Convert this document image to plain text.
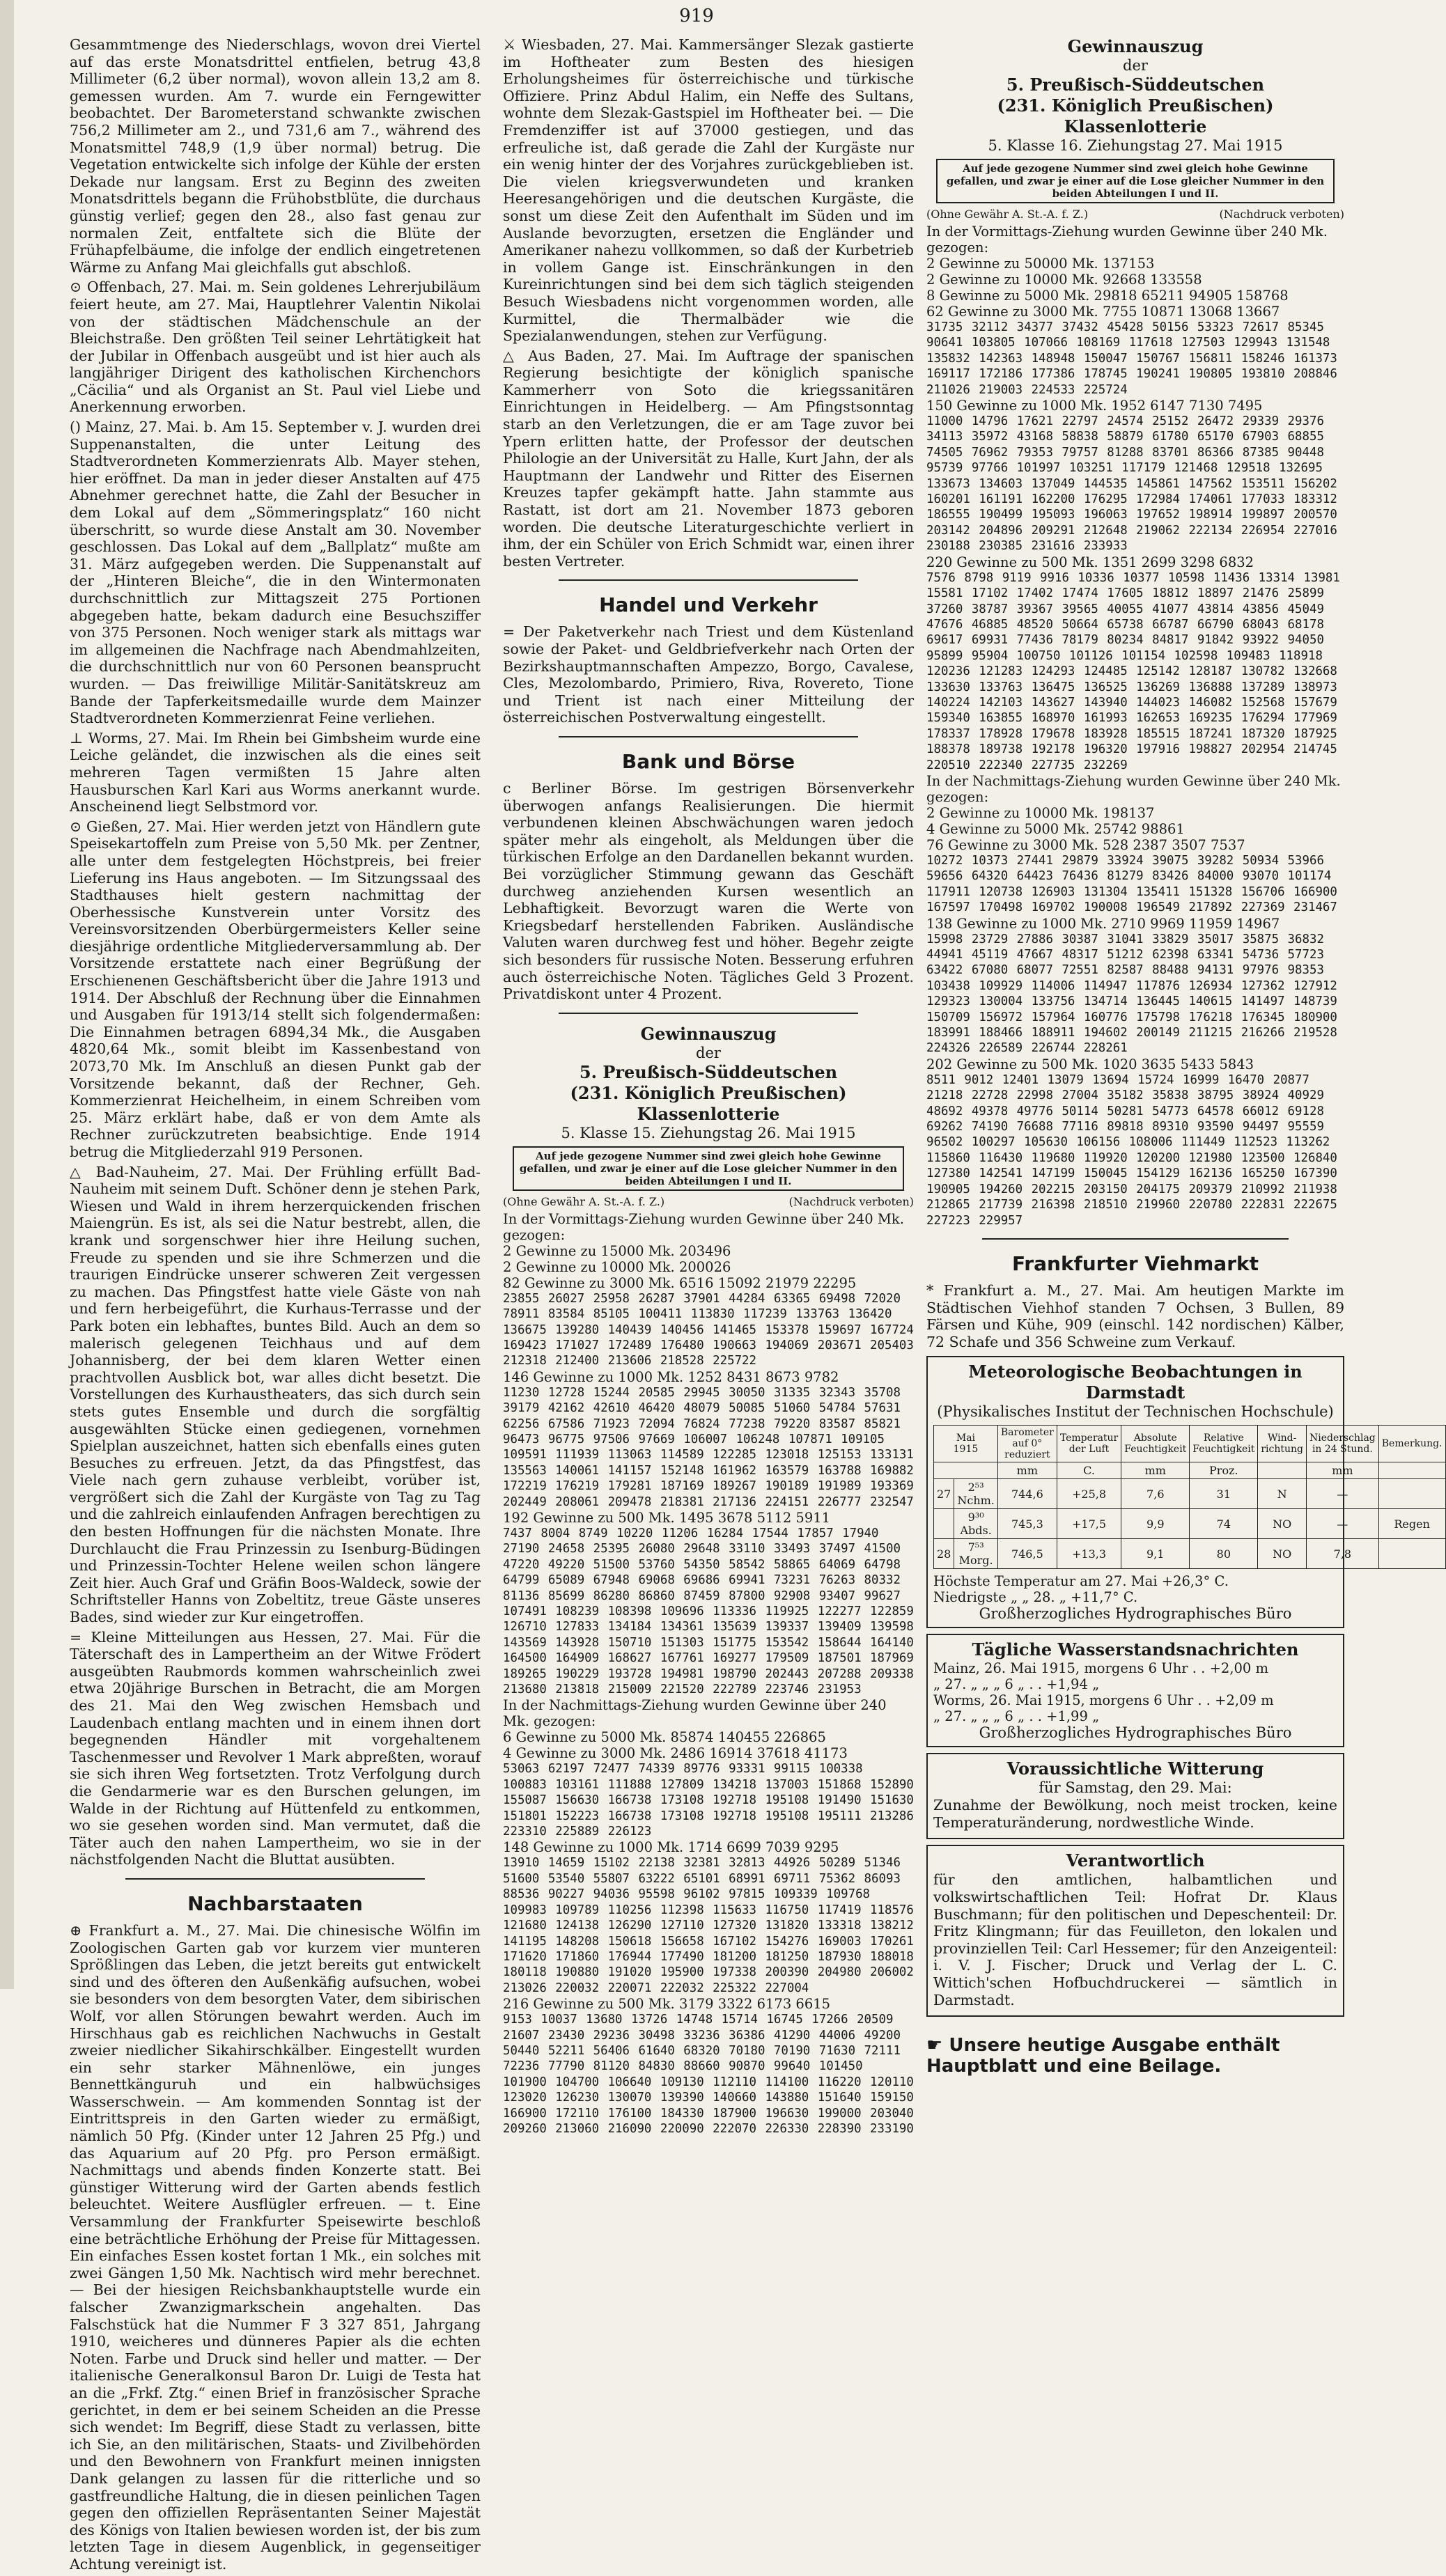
919

Gesammtmenge des Niederschlags, wovon drei Viertel auf das erste Monatsdrittel entfielen, betrug 43,8 Millimeter (6,2 über normal), wovon allein 13,2 am 8. gemessen wurden. Am 7. wurde ein Ferngewitter beobachtet. Der Barometerstand schwankte zwischen 756,2 Millimeter am 2., und 731,6 am 7., während des Monatsmittel 748,9 (1,9 über normal) betrug. Die Vegetation entwickelte sich infolge der Kühle der ersten Dekade nur langsam. Erst zu Beginn des zweiten Monatsdrittels begann die Frühobstblüte, die durchaus günstig verlief; gegen den 28., also fast genau zur normalen Zeit, entfaltete sich die Blüte der Frühapfelbäume, die infolge der endlich eingetretenen Wärme zu Anfang Mai gleichfalls gut abschloß.

⊙ Offenbach, 27. Mai. m. Sein goldenes Lehrerjubiläum feiert heute, am 27. Mai, Hauptlehrer Valentin Nikolai von der städtischen Mädchenschule an der Bleichstraße. Den größten Teil seiner Lehrtätigkeit hat der Jubilar in Offenbach ausgeübt und ist hier auch als langjähriger Dirigent des katholischen Kirchenchors „Cäcilia“ und als Organist an St. Paul viel Liebe und Anerkennung erworben.

() Mainz, 27. Mai. b. Am 15. September v. J. wurden drei Suppenanstalten, die unter Leitung des Stadtverordneten Kommerzienrats Alb. Mayer stehen, hier eröffnet. Da man in jeder dieser Anstalten auf 475 Abnehmer gerechnet hatte, die Zahl der Besucher in dem Lokal auf dem „Sömmeringsplatz“ 160 nicht überschritt, so wurde diese Anstalt am 30. November geschlossen. Das Lokal auf dem „Ballplatz“ mußte am 31. März aufgegeben werden. Die Suppenanstalt auf der „Hinteren Bleiche“, die in den Wintermonaten durchschnittlich zur Mittagszeit 275 Portionen abgegeben hatte, bekam dadurch eine Besuchsziffer von 375 Personen. Noch weniger stark als mittags war im allgemeinen die Nachfrage nach Abendmahlzeiten, die durchschnittlich nur von 60 Personen beansprucht wurden. — Das freiwillige Militär-Sanitätskreuz am Bande der Tapferkeitsmedaille wurde dem Mainzer Stadtverordneten Kommerzienrat Feine verliehen.

⊥ Worms, 27. Mai. Im Rhein bei Gimbsheim wurde eine Leiche geländet, die inzwischen als die eines seit mehreren Tagen vermißten 15 Jahre alten Hausburschen Karl Kari aus Worms anerkannt wurde. Anscheinend liegt Selbstmord vor.

⊙ Gießen, 27. Mai. Hier werden jetzt von Händlern gute Speisekartoffeln zum Preise von 5,50 Mk. per Zentner, alle unter dem festgelegten Höchstpreis, bei freier Lieferung ins Haus angeboten. — Im Sitzungssaal des Stadthauses hielt gestern nachmittag der Oberhessische Kunstverein unter Vorsitz des Vereinsvorsitzenden Oberbürgermeisters Keller seine diesjährige ordentliche Mitgliederversammlung ab. Der Vorsitzende erstattete nach einer Begrüßung der Erschienenen Geschäftsbericht über die Jahre 1913 und 1914. Der Abschluß der Rechnung über die Einnahmen und Ausgaben für 1913/14 stellt sich folgendermaßen: Die Einnahmen betragen 6894,34 Mk., die Ausgaben 4820,64 Mk., somit bleibt im Kassenbestand von 2073,70 Mk. Im Anschluß an diesen Punkt gab der Vorsitzende bekannt, daß der Rechner, Geh. Kommerzienrat Heichelheim, in einem Schreiben vom 25. März erklärt habe, daß er von dem Amte als Rechner zurückzutreten beabsichtige. Ende 1914 betrug die Mitgliederzahl 919 Personen.

△ Bad-Nauheim, 27. Mai. Der Frühling erfüllt Bad-Nauheim mit seinem Duft. Schöner denn je stehen Park, Wiesen und Wald in ihrem herzerquickenden frischen Maiengrün. Es ist, als sei die Natur bestrebt, allen, die krank und sorgenschwer hier ihre Heilung suchen, Freude zu spenden und sie ihre Schmerzen und die traurigen Eindrücke unserer schweren Zeit vergessen zu machen. Das Pfingstfest hatte viele Gäste von nah und fern herbeigeführt, die Kurhaus-Terrasse und der Park boten ein lebhaftes, buntes Bild. Auch an dem so malerisch gelegenen Teichhaus und auf dem Johannisberg, der bei dem klaren Wetter einen prachtvollen Ausblick bot, war alles dicht besetzt. Die Vorstellungen des Kurhaustheaters, das sich durch sein stets gutes Ensemble und durch die sorgfältig ausgewählten Stücke einen gediegenen, vornehmen Spielplan auszeichnet, hatten sich ebenfalls eines guten Besuches zu erfreuen. Jetzt, da das Pfingstfest, das Viele nach gern zuhause verbleibt, vorüber ist, vergrößert sich die Zahl der Kurgäste von Tag zu Tag und die zahlreich einlaufenden Anfragen berechtigen zu den besten Hoffnungen für die nächsten Monate. Ihre Durchlaucht die Frau Prinzessin zu Isenburg-Büdingen und Prinzessin-Tochter Helene weilen schon längere Zeit hier. Auch Graf und Gräfin Boos-Waldeck, sowie der Schriftsteller Hanns von Zobeltitz, treue Gäste unseres Bades, sind wieder zur Kur eingetroffen.

= Kleine Mitteilungen aus Hessen, 27. Mai. Für die Täterschaft des in Lampertheim an der Witwe Frödert ausgeübten Raubmords kommen wahrscheinlich zwei etwa 20jährige Burschen in Betracht, die am Morgen des 21. Mai den Weg zwischen Hemsbach und Laudenbach entlang machten und in einem ihnen dort begegnenden Händler mit vorgehaltenem Taschenmesser und Revolver 1 Mark abpreßten, worauf sie sich ihren Weg fortsetzten. Trotz Verfolgung durch die Gendarmerie war es den Burschen gelungen, im Walde in der Richtung auf Hüttenfeld zu entkommen, wo sie gesehen worden sind. Man vermutet, daß die Täter auch den nahen Lampertheim, wo sie in der nächstfolgenden Nacht die Bluttat ausübten.

Nachbarstaaten

⊕ Frankfurt a. M., 27. Mai. Die chinesische Wölfin im Zoologischen Garten gab vor kurzem vier munteren Sprößlingen das Leben, die jetzt bereits gut entwickelt sind und des öfteren den Außenkäfig aufsuchen, wobei sie besonders von dem besorgten Vater, dem sibirischen Wolf, vor allen Störungen bewahrt werden. Auch im Hirschhaus gab es reichlichen Nachwuchs in Gestalt zweier niedlicher Sikahirschkälber. Eingestellt wurden ein sehr starker Mähnenlöwe, ein junges Bennettkänguruh und ein halbwüchsiges Wasserschwein. — Am kommenden Sonntag ist der Eintrittspreis in den Garten wieder zu ermäßigt, nämlich 50 Pfg. (Kinder unter 12 Jahren 25 Pfg.) und das Aquarium auf 20 Pfg. pro Person ermäßigt. Nachmittags und abends finden Konzerte statt. Bei günstiger Witterung wird der Garten abends festlich beleuchtet. Weitere Ausflügler erfreuen. — t. Eine Versammlung der Frankfurter Speisewirte beschloß eine beträchtliche Erhöhung der Preise für Mittagessen. Ein einfaches Essen kostet fortan 1 Mk., ein solches mit zwei Gängen 1,50 Mk. Nachtisch wird mehr berechnet. — Bei der hiesigen Reichsbankhauptstelle wurde ein falscher Zwanzigmarkschein angehalten. Das Falschstück hat die Nummer F 3 327 851, Jahrgang 1910, weicheres und dünneres Papier als die echten Noten. Farbe und Druck sind heller und matter. — Der italienische Generalkonsul Baron Dr. Luigi de Testa hat an die „Frkf. Ztg.“ einen Brief in französischer Sprache gerichtet, in dem er bei seinem Scheiden an die Presse sich wendet: Im Begriff, diese Stadt zu verlassen, bitte ich Sie, an den militärischen, Staats- und Zivilbehörden und den Bewohnern von Frankfurt meinen innigsten Dank gelangen zu lassen für die ritterliche und so gastfreundliche Haltung, die in diesen peinlichen Tagen gegen den offiziellen Repräsentanten Seiner Majestät des Königs von Italien bewiesen worden ist, der bis zum letzten Tage in diesem Augenblick, in gegenseitiger Achtung vereinigt ist.

⚔ Wiesbaden, 27. Mai. Kammersänger Slezak gastierte im Hoftheater zum Besten des hiesigen Erholungsheimes für österreichische und türkische Offiziere. Prinz Abdul Halim, ein Neffe des Sultans, wohnte dem Slezak-Gastspiel im Hoftheater bei. — Die Fremdenziffer ist auf 37000 gestiegen, und das erfreuliche ist, daß gerade die Zahl der Kurgäste nur ein wenig hinter der des Vorjahres zurückgeblieben ist. Die vielen kriegsverwundeten und kranken Heeresangehörigen und die deutschen Kurgäste, die sonst um diese Zeit den Aufenthalt im Süden und im Auslande bevorzugten, ersetzen die Engländer und Amerikaner nahezu vollkommen, so daß der Kurbetrieb in vollem Gange ist. Einschränkungen in den Kureinrichtungen sind bei dem sich täglich steigenden Besuch Wiesbadens nicht vorgenommen worden, alle Kurmittel, die Thermalbäder wie die Spezialanwendungen, stehen zur Verfügung.

△ Aus Baden, 27. Mai. Im Auftrage der spanischen Regierung besichtigte der königlich spanische Kammerherr von Soto die kriegssanitären Einrichtungen in Heidelberg. — Am Pfingstsonntag starb an den Verletzungen, die er am Tage zuvor bei Ypern erlitten hatte, der Professor der deutschen Philologie an der Universität zu Halle, Kurt Jahn, der als Hauptmann der Landwehr und Ritter des Eisernen Kreuzes tapfer gekämpft hatte. Jahn stammte aus Rastatt, ist dort am 21. November 1873 geboren worden. Die deutsche Literaturgeschichte verliert in ihm, der ein Schüler von Erich Schmidt war, einen ihrer besten Vertreter.

Handel und Verkehr

= Der Paketverkehr nach Triest und dem Küstenland sowie der Paket- und Geldbriefverkehr nach Orten der Bezirkshauptmannschaften Ampezzo, Borgo, Cavalese, Cles, Mezolombardo, Primiero, Riva, Rovereto, Tione und Trient ist nach einer Mitteilung der österreichischen Postverwaltung eingestellt.

Bank und Börse

c Berliner Börse. Im gestrigen Börsenverkehr überwogen anfangs Realisierungen. Die hiermit verbundenen kleinen Abschwächungen waren jedoch später mehr als eingeholt, als Meldungen über die türkischen Erfolge an den Dardanellen bekannt wurden. Bei vorzüglicher Stimmung gewann das Geschäft durchweg anziehenden Kursen wesentlich an Lebhaftigkeit. Bevorzugt waren die Werte von Kriegsbedarf herstellenden Fabriken. Ausländische Valuten waren durchweg fest und höher. Begehr zeigte sich besonders für russische Noten. Besserung erfuhren auch österreichische Noten. Tägliches Geld 3 Prozent. Privatdiskont unter 4 Prozent.

Gewinnauszug

der

5. Preußisch-Süddeutschen

(231. Königlich Preußischen) Klassenlotterie

5. Klasse 15. Ziehungstag 26. Mai 1915

Auf jede gezogene Nummer sind zwei gleich hohe Gewinne gefallen, und zwar je einer auf die Lose gleicher Nummer in den beiden Abteilungen I und II.
(Ohne Gewähr A. St.-A. f. Z.)	(Nachdruck verboten)

In der Vormittags-Ziehung wurden Gewinne über 240 Mk. gezogen:

2 Gewinne zu 15000 Mk. 203496

2 Gewinne zu 10000 Mk. 200026

82 Gewinne zu 3000 Mk. 6516 15092 21979 22295

23855 26027 25958 26287 37901 44284 63365 69498 72020 78911 83584 85105 100411 113830 117239 133763 136420 136675 139280 140439 140456 141465 153378 159697 167724 169423 171027 172489 176480 190663 194069 203671 205403 212318 212400 213606 218528 225722

146 Gewinne zu 1000 Mk. 1252 8431 8673 9782

11230 12728 15244 20585 29945 30050 31335 32343 35708 39179 42162 42610 46420 48079 50085 51060 54784 57631 62256 67586 71923 72094 76824 77238 79220 83587 85821 96473 96775 97506 97669 106007 106248 107871 109105 109591 111939 113063 114589 122285 123018 125153 133131 135563 140061 141157 152148 161962 163579 163788 169882 172219 176219 179281 187169 189267 190189 191989 193369 202449 208061 209478 218381 217136 224151 226777 232547

192 Gewinne zu 500 Mk. 1495 3678 5112 5911

7437 8004 8749 10220 11206 16284 17544 17857 17940 27190 24658 25395 26080 29648 33110 33493 37497 41500 47220 49220 51500 53760 54350 58542 58865 64069 64798 64799 65089 67948 69068 69686 69941 73231 76263 80332 81136 85699 86280 86860 87459 87800 92908 93407 99627 107491 108239 108398 109696 113336 119925 122277 122859 126710 127833 134184 134361 135639 139337 139409 139598 143569 143928 150710 151303 151775 153542 158644 164140 164500 164909 168627 167761 169277 179509 187501 187969 189265 190229 193728 194981 198790 202443 207288 209338 213680 213818 215009 221520 222789 223746 231953

In der Nachmittags-Ziehung wurden Gewinne über 240 Mk. gezogen:

6 Gewinne zu 5000 Mk. 85874 140455 226865

4 Gewinne zu 3000 Mk. 2486 16914 37618 41173

53063 62197 72477 74339 89776 93331 99115 100338 100883 103161 111888 127809 134218 137003 151868 152890 155087 156630 166738 173108 192718 195108 191490 151630 151801 152223 166738 173108 192718 195108 195111 213286 223310 225889 226123

148 Gewinne zu 1000 Mk. 1714 6699 7039 9295

13910 14659 15102 22138 32381 32813 44926 50289 51346 51600 53540 55807 63222 65101 68991 69711 75362 86093 88536 90227 94036 95598 96102 97815 109339 109768 109983 109789 110256 112398 115633 116750 117419 118576 121680 124138 126290 127110 127320 131820 133318 138212 141195 148208 150618 156658 167102 154276 169003 170261 171620 171860 176944 177490 181200 181250 187930 188018 180118 190880 191020 195900 197338 200390 204980 206002 213026 220032 220071 222032 225322 227004

216 Gewinne zu 500 Mk. 3179 3322 6173 6615

9153 10037 13680 13726 14748 15714 16745 17266 20509 21607 23430 29236 30498 33236 36386 41290 44006 49200 50440 52211 56406 61640 68320 70180 70190 71630 72111 72236 77790 81120 84830 88660 90870 99640 101450 101900 104700 106640 109130 112110 114100 116220 120110 123020 126230 130070 139390 140660 143880 151640 159150 166900 172110 176100 184330 187900 196630 199000 203040 209260 213060 216090 220090 222070 226330 228390 233190

Gewinnauszug

der

5. Preußisch-Süddeutschen

(231. Königlich Preußischen) Klassenlotterie

5. Klasse 16. Ziehungstag 27. Mai 1915

Auf jede gezogene Nummer sind zwei gleich hohe Gewinne gefallen, und zwar je einer auf die Lose gleicher Nummer in den beiden Abteilungen I und II.
(Ohne Gewähr A. St.-A. f. Z.)	(Nachdruck verboten)

In der Vormittags-Ziehung wurden Gewinne über 240 Mk. gezogen:

2 Gewinne zu 50000 Mk. 137153

2 Gewinne zu 10000 Mk. 92668 133558

8 Gewinne zu 5000 Mk. 29818 65211 94905 158768

62 Gewinne zu 3000 Mk. 7755 10871 13068 13667

31735 32112 34377 37432 45428 50156 53323 72617 85345 90641 103805 107066 108169 117618 127503 129943 131548 135832 142363 148948 150047 150767 156811 158246 161373 169117 172186 177386 178745 190241 190805 193810 208846 211026 219003 224533 225724

150 Gewinne zu 1000 Mk. 1952 6147 7130 7495

11000 14796 17621 22797 24574 25152 26472 29339 29376 34113 35972 43168 58838 58879 61780 65170 67903 68855 74505 76962 79353 79757 81288 83701 86366 87385 90448 95739 97766 101997 103251 117179 121468 129518 132695 133673 134603 137049 144535 145861 147562 153511 156202 160201 161191 162200 176295 172984 174061 177033 183312 186555 190499 195093 196063 197652 198914 199897 200570 203142 204896 209291 212648 219062 222134 226954 227016 230188 230385 231616 233933

220 Gewinne zu 500 Mk. 1351 2699 3298 6832

7576 8798 9119 9916 10336 10377 10598 11436 13314 13981 15581 17102 17402 17474 17605 18812 18897 21476 25899 37260 38787 39367 39565 40055 41077 43814 43856 45049 47676 46885 48520 50664 65738 66787 66790 68043 68178 69617 69931 77436 78179 80234 84817 91842 93922 94050 95899 95904 100750 101126 101154 102598 109483 118918 120236 121283 124293 124485 125142 128187 130782 132668 133630 133763 136475 136525 136269 136888 137289 138973 140224 142103 143627 143940 144023 146082 152568 157679 159340 163855 168970 161993 162653 169235 176294 177969 178337 178928 179678 183928 185515 187241 187320 187925 188378 189738 192178 196320 197916 198827 202954 214745 220510 222340 227735 232269

In der Nachmittags-Ziehung wurden Gewinne über 240 Mk. gezogen:

2 Gewinne zu 10000 Mk. 198137

4 Gewinne zu 5000 Mk. 25742 98861

76 Gewinne zu 3000 Mk. 528 2387 3507 7537

10272 10373 27441 29879 33924 39075 39282 50934 53966 59656 64320 64423 76436 81279 83426 84000 93070 101174 117911 120738 126903 131304 135411 151328 156706 166900 167597 170498 169702 190008 196549 217892 227369 231467

138 Gewinne zu 1000 Mk. 2710 9969 11959 14967

15998 23729 27886 30387 31041 33829 35017 35875 36832 44941 45119 47667 48317 51212 62398 63341 54736 57723 63422 67080 68077 72551 82587 88488 94131 97976 98353 103438 109929 114006 114947 117876 126934 127362 127912 129323 130004 133756 134714 136445 140615 141497 148739 150709 156972 157964 160776 175798 176218 176345 180900 183991 188466 188911 194602 200149 211215 216266 219528 224326 226589 226744 228261

202 Gewinne zu 500 Mk. 1020 3635 5433 5843

8511 9012 12401 13079 13694 15724 16999 16470 20877 21218 22728 22998 27004 35182 35838 38795 38924 40929 48692 49378 49776 50114 50281 54773 64578 66012 69128 69262 74190 76688 77116 89818 89310 93590 94497 95559 96502 100297 105630 106156 108006 111449 112523 113262 115860 116430 119680 119920 120200 121980 123500 126840 127380 142541 147199 150045 154129 162136 165250 167390 190905 194260 202215 203150 204175 209379 210992 211938 212865 217739 216398 218510 219960 220780 222831 222675 227223 229957

Frankfurter Viehmarkt

* Frankfurt a. M., 27. Mai. Am heutigen Markte im Städtischen Viehhof standen 7 Ochsen, 3 Bullen, 89 Färsen und Kühe, 909 (einschl. 142 nordischen) Kälber, 72 Schafe und 356 Schweine zum Verkauf.

Meteorologische Beobachtungen in Darmstadt
(Physikalisches Institut der Technischen Hochschule)
Mai
1915		Barometer auf 0° reduziert	Temperatur der Luft	Absolute Feuchtigkeit	Relative Feuchtigkeit	Wind-richtung	Niederschlag in 24 Stund.	Bemerkung.
		mm	C.	mm	Proz.		mm	
27	2⁵³ Nchm.	744,6	+25,8	7,6	31	N	—	
	9³⁰ Abds.	745,3	+17,5	9,9	74	NO	—	Regen
28	7⁵³ Morg.	746,5	+13,3	9,1	80	NO	7,8	

Höchste Temperatur am 27. Mai +26,3° C.

Niedrigste „ „ 28. „ +11,7° C.

Großherzogliches Hydrographisches Büro

Tägliche Wasserstandsnachrichten

Mainz, 26. Mai 1915, morgens 6 Uhr . . +2,00 m

„ 27. „ „ „ 6 „ . . +1,94 „

Worms, 26. Mai 1915, morgens 6 Uhr . . +2,09 m

„ 27. „ „ „ 6 „ . . +1,99 „

Großherzogliches Hydrographisches Büro

Voraussichtliche Witterung
für Samstag, den 29. Mai:

Zunahme der Bewölkung, noch meist trocken, keine Temperaturänderung, nordwestliche Winde.

Verantwortlich

für den amtlichen, halbamtlichen und volkswirtschaftlichen Teil: Hofrat Dr. Klaus Buschmann; für den politischen und Depeschenteil: Dr. Fritz Klingmann; für das Feuilleton, den lokalen und provinziellen Teil: Carl Hessemer; für den Anzeigenteil: i. V. J. Fischer; Druck und Verlag der L. C. Wittich'schen Hofbuchdruckerei — sämtlich in Darmstadt.

☛ Unsere heutige Ausgabe enthält Hauptblatt und eine Beilage.
